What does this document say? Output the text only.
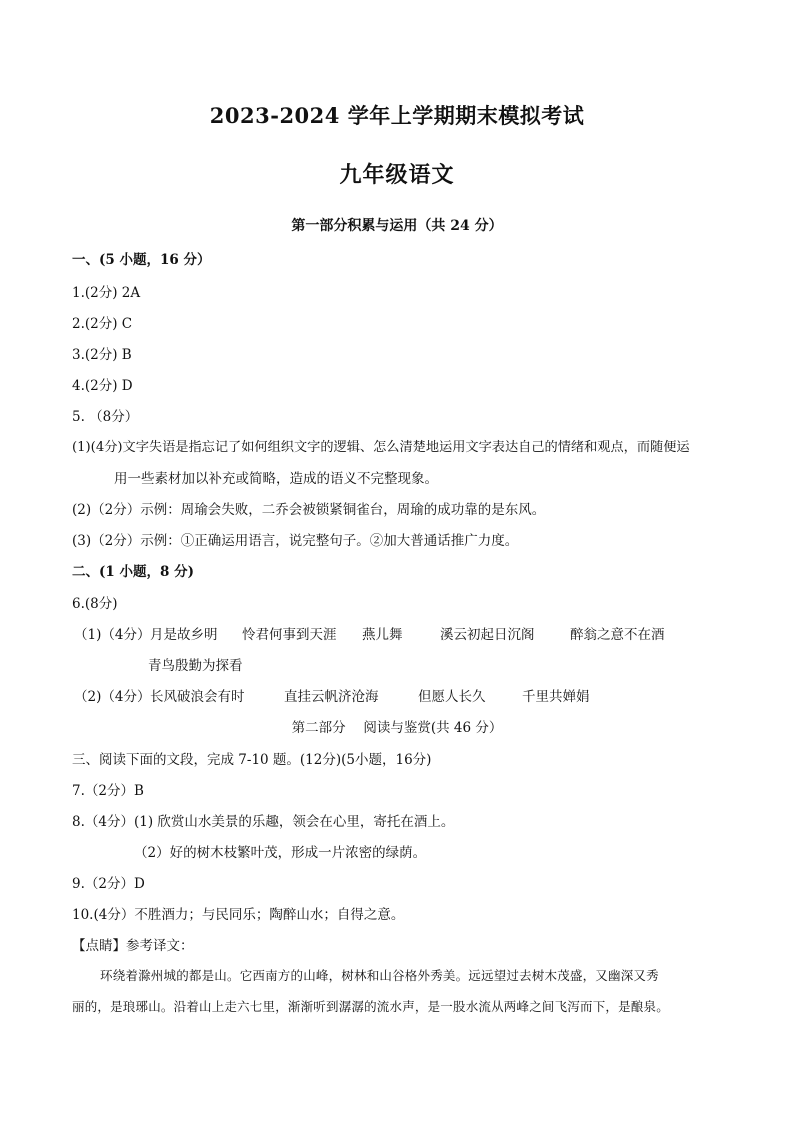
2023-2024 学年上学期期末模拟考试
九年级语文
第一部分积累与运用（共 24 分）
一、(5 小题，16 分）
1.(2分) 2A
2.(2分) C
3.(2分) B
4.(2分) D
5. （8分）
(1)(4分)文字失语是指忘记了如何组织文字的逻辑、怎么清楚地运用文字表达自己的情绪和观点，而随便运
用一些素材加以补充或简略，造成的语义不完整现象。
(2)（2分）示例：周瑜会失败，二乔会被锁紧铜雀台，周瑜的成功靠的是东风。
(3)（2分）示例：①正确运用语言，说完整句子。②加大普通话推广力度。
二、(1 小题，8 分)
6.(8分)
（1)（4分） 月是故乡明 怜君何事到天涯 燕儿舞	溪云初起日沉阁	醉翁之意不在酒
青鸟殷勤为探看
（2)（4分） 长风破浪会有时	直挂云帆济沧海	但愿人长久	千里共婵娟
第二部分　 阅读与鉴赏(共 46 分）
三、阅读下面的文段，完成 7-10 题。(12分)(5小题，16分)
7.（2分）B
8.（4分）(1) 欣赏山水美景的乐趣，领会在心里，寄托在酒上。
（2）好的树木枝繁叶茂，形成一片浓密的绿荫。
9.（2分）D
10.(4分）不胜酒力；与民同乐；陶醉山水；自得之意。
【点睛】参考译文：
环绕着滁州城的都是山。它西南方的山峰，树林和山谷格外秀美。远远望过去树木茂盛，又幽深又秀
丽的，是琅琊山。沿着山上走六七里，渐渐听到潺潺的流水声，是一股水流从两峰之间飞泻而下，是酿泉。
